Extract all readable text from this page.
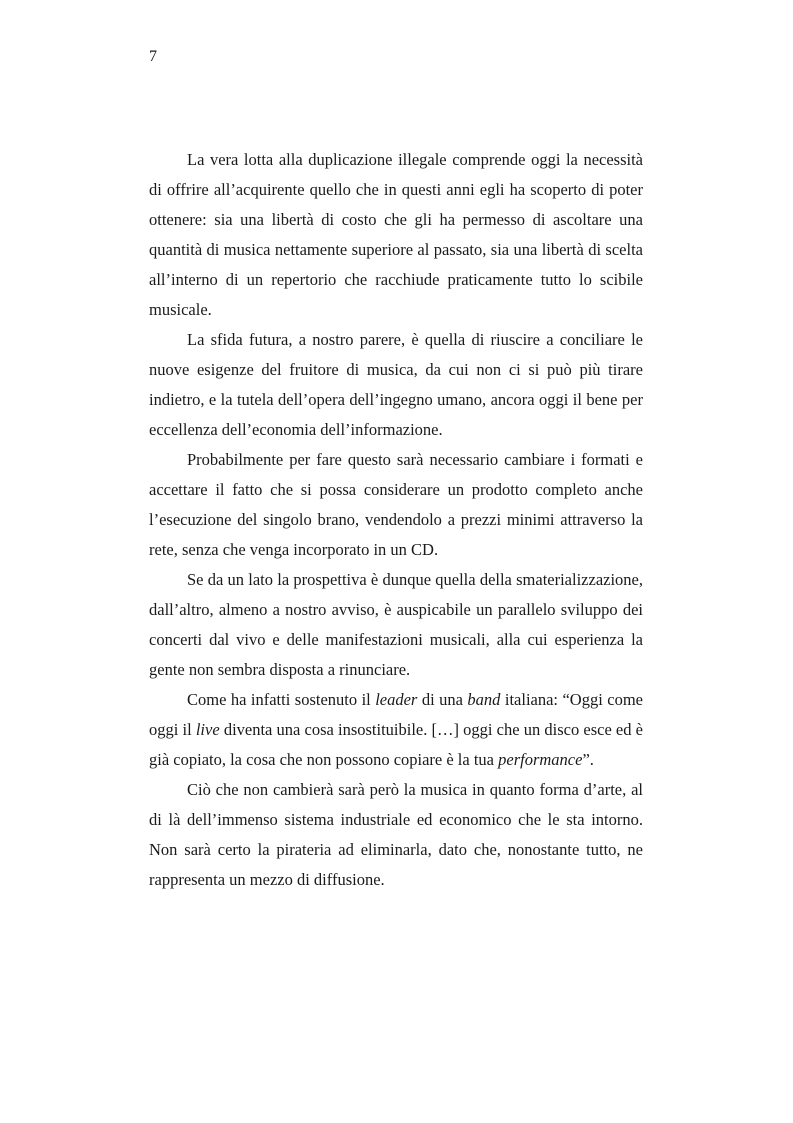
7

La vera lotta alla duplicazione illegale comprende oggi la necessità di offrire all’acquirente quello che in questi anni egli ha scoperto di poter ottenere: sia una libertà di costo che gli ha permesso di ascoltare una quantità di musica nettamente superiore al passato, sia una libertà di scelta all’interno di un repertorio che racchiude praticamente tutto lo scibile musicale.

La sfida futura, a nostro parere, è quella di riuscire a conciliare le nuove esigenze del fruitore di musica, da cui non ci si può più tirare indietro, e la tutela dell’opera dell’ingegno umano, ancora oggi il bene per eccellenza dell’economia dell’informazione.

Probabilmente per fare questo sarà necessario cambiare i formati e accettare il fatto che si possa considerare un prodotto completo anche l’esecuzione del singolo brano, vendendolo a prezzi minimi attraverso la rete, senza che venga incorporato in un CD.

Se da un lato la prospettiva è dunque quella della smaterializzazione, dall’altro, almeno a nostro avviso, è auspicabile un parallelo sviluppo dei concerti dal vivo e delle manifestazioni musicali, alla cui esperienza la gente non sembra disposta a rinunciare.

Come ha infatti sostenuto il leader di una band italiana: “Oggi come oggi il live diventa una cosa insostituibile. […] oggi che un disco esce ed è già copiato, la cosa che non possono copiare è la tua performance”.

Ciò che non cambierà sarà però la musica in quanto forma d’arte, al di là dell’immenso sistema industriale ed economico che le sta intorno. Non sarà certo la pirateria ad eliminarla, dato che, nonostante tutto, ne rappresenta un mezzo di diffusione.
